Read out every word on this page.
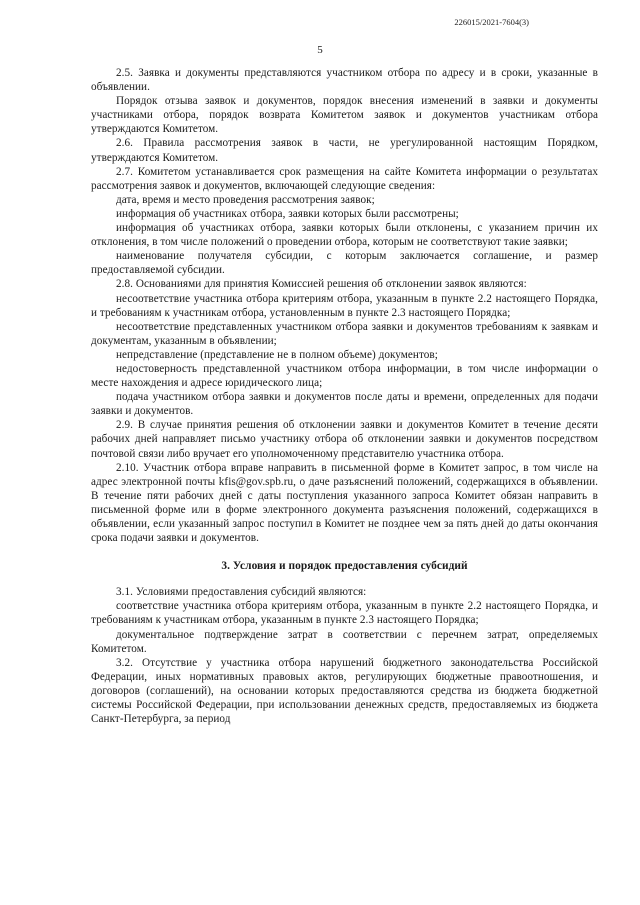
226015/2021-7604(3)
5

2.5. Заявка и документы представляются участником отбора по адресу и в сроки, указанные в объявлении.

Порядок отзыва заявок и документов, порядок внесения изменений в заявки и документы участниками отбора, порядок возврата Комитетом заявок и документов участникам отбора утверждаются Комитетом.

2.6. Правила рассмотрения заявок в части, не урегулированной настоящим Порядком, утверждаются Комитетом.

2.7. Комитетом устанавливается срок размещения на сайте Комитета информации о результатах рассмотрения заявок и документов, включающей следующие сведения:

дата, время и место проведения рассмотрения заявок;

информация об участниках отбора, заявки которых были рассмотрены;

информация об участниках отбора, заявки которых были отклонены, с указанием причин их отклонения, в том числе положений о проведении отбора, которым не соответствуют такие заявки;

наименование получателя субсидии, с которым заключается соглашение, и размер предоставляемой субсидии.

2.8. Основаниями для принятия Комиссией решения об отклонении заявок являются:

несоответствие участника отбора критериям отбора, указанным в пункте 2.2 настоящего Порядка, и требованиям к участникам отбора, установленным в пункте 2.3 настоящего Порядка;

несоответствие представленных участником отбора заявки и документов требованиям к заявкам и документам, указанным в объявлении;

непредставление (представление не в полном объеме) документов;

недостоверность представленной участником отбора информации, в том числе информации о месте нахождения и адресе юридического лица;

подача участником отбора заявки и документов после даты и времени, определенных для подачи заявки и документов.

2.9. В случае принятия решения об отклонении заявки и документов Комитет в течение десяти рабочих дней направляет письмо участнику отбора об отклонении заявки и документов посредством почтовой связи либо вручает его уполномоченному представителю участника отбора.

2.10. Участник отбора вправе направить в письменной форме в Комитет запрос, в том числе на адрес электронной почты kfis@gov.spb.ru, о даче разъяснений положений, содержащихся в объявлении. В течение пяти рабочих дней с даты поступления указанного запроса Комитет обязан направить в письменной форме или в форме электронного документа разъяснения положений, содержащихся в объявлении, если указанный запрос поступил в Комитет не позднее чем за пять дней до даты окончания срока подачи заявки и документов.

3. Условия и порядок предоставления субсидий

3.1. Условиями предоставления субсидий являются:

соответствие участника отбора критериям отбора, указанным в пункте 2.2 настоящего Порядка, и требованиям к участникам отбора, указанным в пункте 2.3 настоящего Порядка;

документальное подтверждение затрат в соответствии с перечнем затрат, определяемых Комитетом.

3.2. Отсутствие у участника отбора нарушений бюджетного законодательства Российской Федерации, иных нормативных правовых актов, регулирующих бюджетные правоотношения, и договоров (соглашений), на основании которых предоставляются средства из бюджета бюджетной системы Российской Федерации, при использовании денежных средств, предоставляемых из бюджета Санкт-Петербурга, за период
